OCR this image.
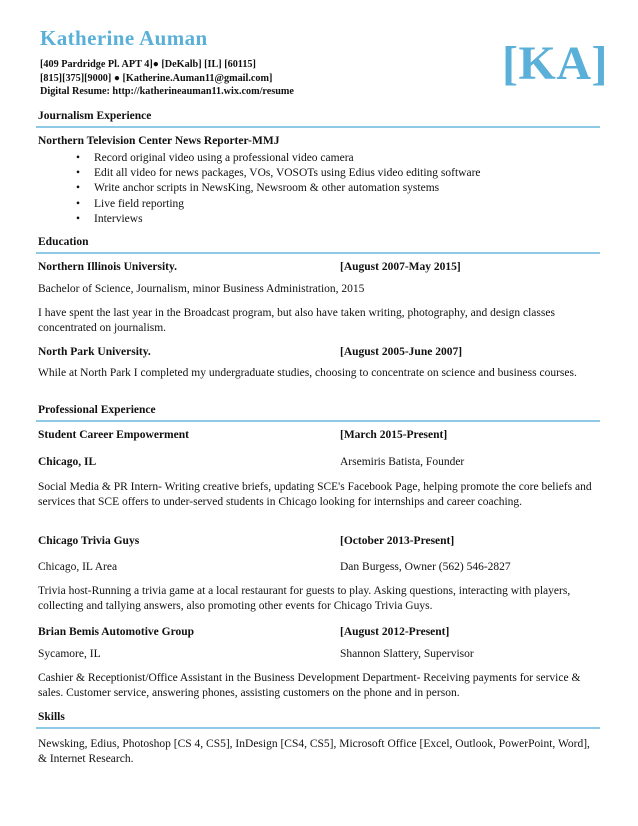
Katherine Auman
[409 Pardridge Pl. APT 4]● [DeKalb] [IL] [60115]
[815][375][9000] ● [Katherine.Auman11@gmail.com]
Digital Resume: http://katherineauman11.wix.com/resume
[KA]
Journalism Experience
Northern Television Center News Reporter-MMJ
• Record original video using a professional video camera
• Edit all video for news packages, VOs, VOSOTs using Edius video editing software
• Write anchor scripts in NewsKing, Newsroom & other automation systems
• Live field reporting
• Interviews
Education
Northern Illinois University.	[August 2007-May 2015]
Bachelor of Science, Journalism, minor Business Administration, 2015
I have spent the last year in the Broadcast program, but also have taken writing, photography, and design classes concentrated on journalism.
North Park University.	[August 2005-June 2007]
While at North Park I completed my undergraduate studies, choosing to concentrate on science and business courses.
Professional Experience
Student Career Empowerment	[March 2015-Present]
Chicago, IL	Arsemiris Batista, Founder
Social Media & PR Intern- Writing creative briefs, updating SCE's Facebook Page, helping promote the core beliefs and services that SCE offers to under-served students in Chicago looking for internships and career coaching.
Chicago Trivia Guys	[October 2013-Present]
Chicago, IL Area	Dan Burgess, Owner (562) 546-2827
Trivia host-Running a trivia game at a local restaurant for guests to play. Asking questions, interacting with players, collecting and tallying answers, also promoting other events for Chicago Trivia Guys.
Brian Bemis Automotive Group	[August 2012-Present]
Sycamore, IL	Shannon Slattery, Supervisor
Cashier & Receptionist/Office Assistant in the Business Development Department- Receiving payments for service & sales. Customer service, answering phones, assisting customers on the phone and in person.
Skills
Newsking, Edius, Photoshop [CS 4, CS5], InDesign [CS4, CS5], Microsoft Office [Excel, Outlook, PowerPoint, Word], & Internet Research.
